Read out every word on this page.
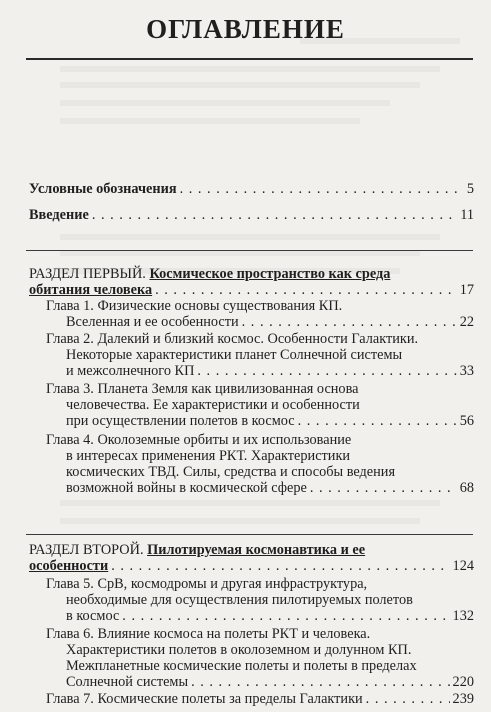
ОГЛАВЛЕНИЕ
Условные обозначения . . .	5
Введение . . .	11
РАЗДЕЛ ПЕРВЫЙ. Космическое пространство как среда
обитания человека . . .	17
Глава 1. Физические основы существования КП.
Вселенная и ее особенности . . .	22
Глава 2. Далекий и близкий космос. Особенности Галактики.
Некоторые характеристики планет Солнечной системы
и межсолнечного КП . . .	33
Глава 3. Планета Земля как цивилизованная основа
человечества. Ее характеристики и особенности
при осуществлении полетов в космос . . .	56
Глава 4. Околоземные орбиты и их использование
в интересах применения РКТ. Характеристики
космических ТВД. Силы, средства и способы ведения
возможной войны в космической сфере . . .	68
РАЗДЕЛ ВТОРОЙ. Пилотируемая космонавтика и ее
особенности . . .	124
Глава 5. СрВ, космодромы и другая инфраструктура,
необходимые для осуществления пилотируемых полетов
в космос . . .	132
Глава 6. Влияние космоса на полеты РКТ и человека.
Характеристики полетов в околоземном и долунном КП.
Межпланетные космические полеты и полеты в пределах
Солнечной системы . . .	220
Глава 7. Космические полеты за пределы Галактики . . .	239
